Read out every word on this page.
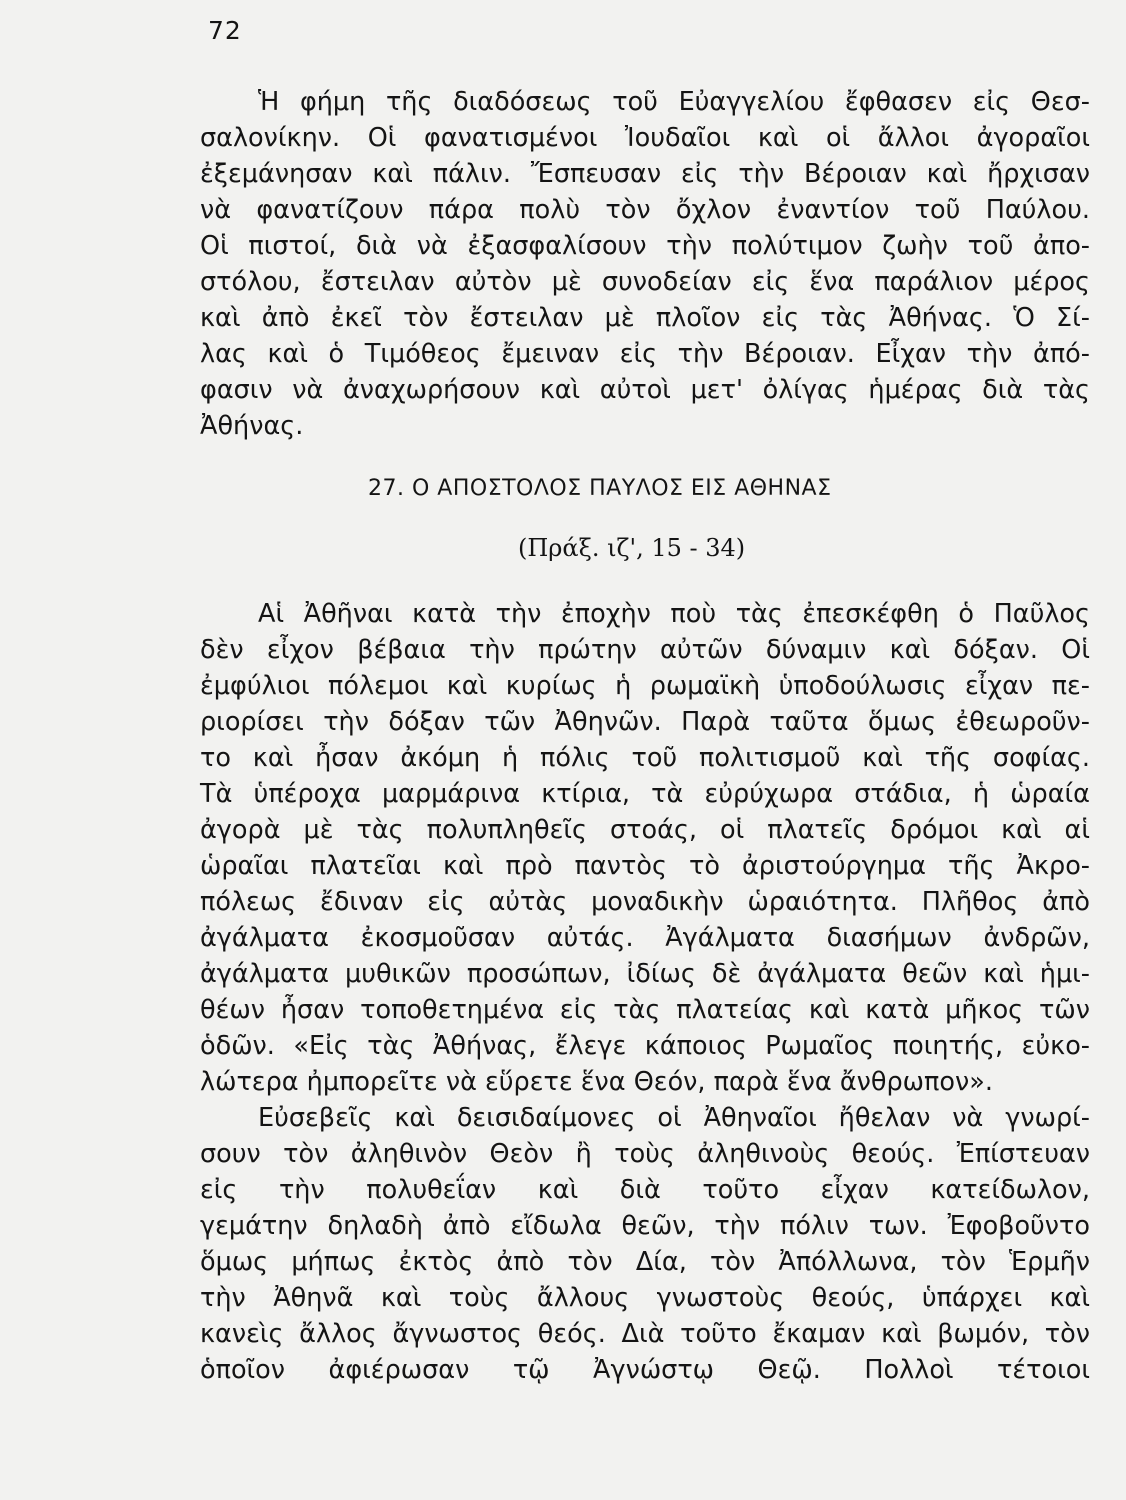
72
Ἡ φήμη τῆς διαδόσεως τοῦ Εὐαγγελίου ἔφθασεν εἰς Θεσ-
σαλονίκην. Οἱ φανατισμένοι Ἰουδαῖοι καὶ οἱ ἄλλοι ἀγοραῖοι
ἐξεμάνησαν καὶ πάλιν. Ἔσπευσαν εἰς τὴν Βέροιαν καὶ ἤρχισαν
νὰ φανατίζουν πάρα πολὺ τὸν ὄχλον ἐναντίον τοῦ Παύλου.
Οἱ πιστοί, διὰ νὰ ἐξασφαλίσουν τὴν πολύτιμον ζωὴν τοῦ ἀπο-
στόλου, ἔστειλαν αὐτὸν μὲ συνοδείαν εἰς ἕνα παράλιον μέρος
καὶ ἀπὸ ἐκεῖ τὸν ἔστειλαν μὲ πλοῖον εἰς τὰς Ἀθήνας. Ὁ Σί-
λας καὶ ὁ Τιμόθεος ἔμειναν εἰς τὴν Βέροιαν. Εἶχαν τὴν ἀπό-
φασιν νὰ ἀναχωρήσουν καὶ αὐτοὶ μετ' ὀλίγας ἡμέρας διὰ τὰς
Ἀθήνας.
27. Ο ΑΠΟΣΤΟΛΟΣ ΠΑΥΛΟΣ ΕΙΣ ΑΘΗΝΑΣ
(Πράξ. ιζ', 15 - 34)
Αἱ Ἀθῆναι κατὰ τὴν ἐποχὴν ποὺ τὰς ἐπεσκέφθη ὁ Παῦλος
δὲν εἶχον βέβαια τὴν πρώτην αὐτῶν δύναμιν καὶ δόξαν. Οἱ
ἐμφύλιοι πόλεμοι καὶ κυρίως ἡ ρωμαϊκὴ ὑποδούλωσις εἶχαν πε-
ριορίσει τὴν δόξαν τῶν Ἀθηνῶν. Παρὰ ταῦτα ὅμως ἐθεωροῦν-
το καὶ ἦσαν ἀκόμη ἡ πόλις τοῦ πολιτισμοῦ καὶ τῆς σοφίας.
Τὰ ὑπέροχα μαρμάρινα κτίρια, τὰ εὐρύχωρα στάδια, ἡ ὡραία
ἀγορὰ μὲ τὰς πολυπληθεῖς στοάς, οἱ πλατεῖς δρόμοι καὶ αἱ
ὡραῖαι πλατεῖαι καὶ πρὸ παντὸς τὸ ἀριστούργημα τῆς Ἀκρο-
πόλεως ἔδιναν εἰς αὐτὰς μοναδικὴν ὡραιότητα. Πλῆθος ἀπὸ
ἀγάλματα ἐκοσμοῦσαν αὐτάς. Ἀγάλματα διασήμων ἀνδρῶν,
ἀγάλματα μυθικῶν προσώπων, ἰδίως δὲ ἀγάλματα θεῶν καὶ ἡμι-
θέων ἦσαν τοποθετημένα εἰς τὰς πλατείας καὶ κατὰ μῆκος τῶν
ὁδῶν. «Εἰς τὰς Ἀθήνας, ἔλεγε κάποιος Ρωμαῖος ποιητής, εὐκο-
λώτερα ἠμπορεῖτε νὰ εὕρετε ἕνα Θεόν, παρὰ ἕνα ἄνθρωπον».
Εὐσεβεῖς καὶ δεισιδαίμονες οἱ Ἀθηναῖοι ἤθελαν νὰ γνωρί-
σουν τὸν ἀληθινὸν Θεὸν ἢ τοὺς ἀληθινοὺς θεούς. Ἐπίστευαν
εἰς τὴν πολυθεΐαν καὶ διὰ τοῦτο εἶχαν κατείδωλον,
γεμάτην δηλαδὴ ἀπὸ εἴδωλα θεῶν, τὴν πόλιν των. Ἐφοβοῦντο
ὅμως μήπως ἐκτὸς ἀπὸ τὸν Δία, τὸν Ἀπόλλωνα, τὸν Ἑρμῆν
τὴν Ἀθηνᾶ καὶ τοὺς ἄλλους γνωστοὺς θεούς, ὑπάρχει καὶ
κανεὶς ἄλλος ἄγνωστος θεός. Διὰ τοῦτο ἔκαμαν καὶ βωμόν, τὸν
ὁποῖον ἀφιέρωσαν τῷ Ἀγνώστῳ Θεῷ. Πολλοὶ τέτοιοι
